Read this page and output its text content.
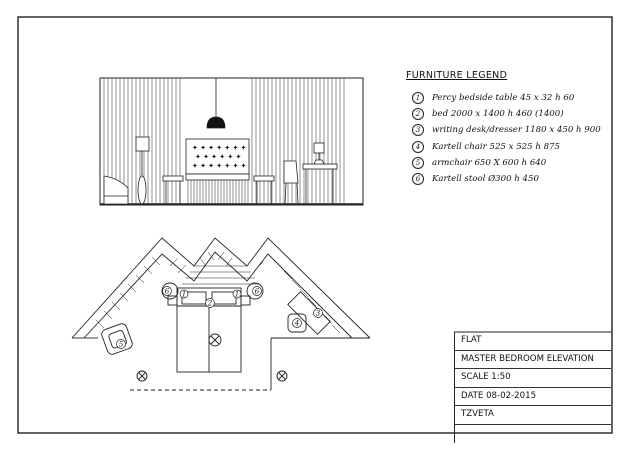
✦ ✦ ✦ ✦ ✦ ✦ ✦
✦ ✦ ✦ ✦ ✦ ✦
✦ ✦ ✦ ✦ ✦ ✦ ✦
6 1
2
1 6
4
3
5
FURNITURE LEGEND
1	Percy bedside table 45 x 32 h 60
2	bed 2000 x 1400 h 460 (1400)
3	writing desk/dresser 1180 x 450 h 900
4	Kartell chair 525 x 525 h 875
5	armchair 650 X 600 h 640
6	Kartell stool Ø300 h 450
FLAT
MASTER BEDROOM ELEVATION
SCALE 1:50
DATE 08-02-2015
TZVETA
